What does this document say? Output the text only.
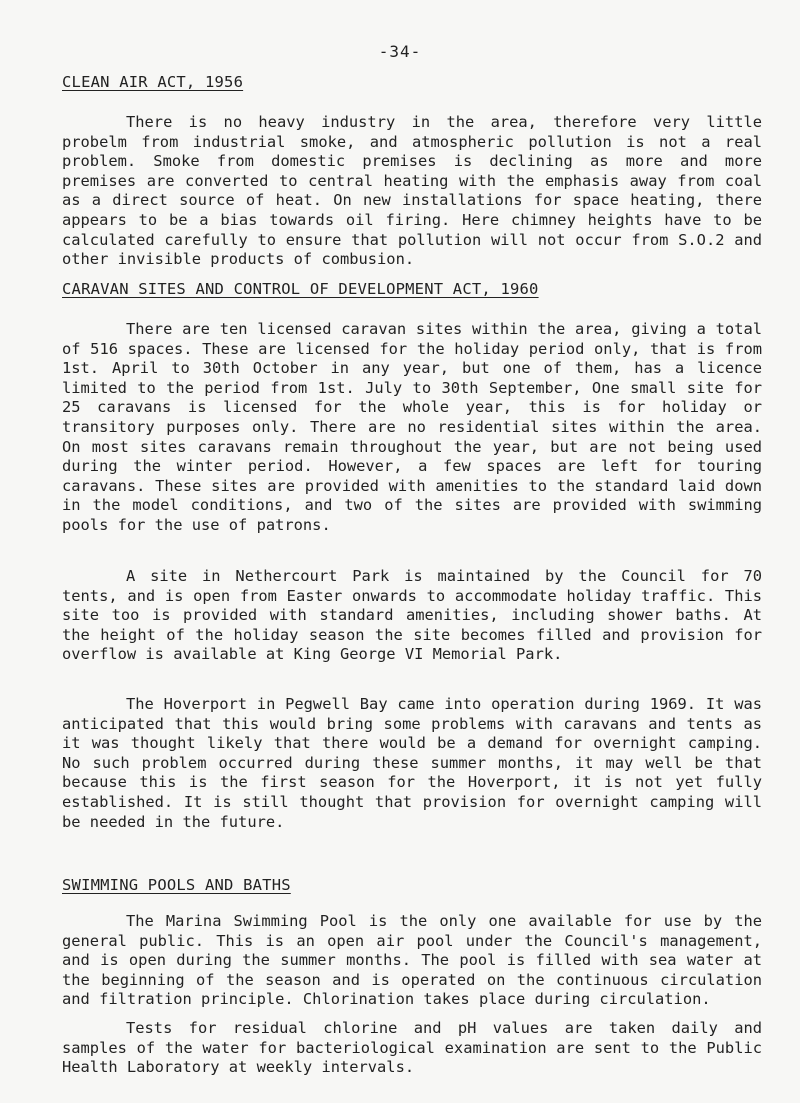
-34-
CLEAN AIR ACT, 1956

There is no heavy industry in the area, therefore very little probelm from industrial smoke, and atmospheric pollution is not a real problem. Smoke from domestic premises is declining as more and more premises are converted to central heating with the emphasis away from coal as a direct source of heat. On new installations for space heating, there appears to be a bias towards oil firing. Here chimney heights have to be calculated carefully to ensure that pollution will not occur from S.O.2 and other invisible products of combusion.

CARAVAN SITES AND CONTROL OF DEVELOPMENT ACT, 1960

There are ten licensed caravan sites within the area, giving a total of 516 spaces. These are licensed for the holiday period only, that is from 1st. April to 30th October in any year, but one of them, has a licence limited to the period from 1st. July to 30th September, One small site for 25 caravans is licensed for the whole year, this is for holiday or transitory purposes only. There are no residential sites within the area. On most sites caravans remain throughout the year, but are not being used during the winter period. However, a few spaces are left for touring caravans. These sites are provided with amenities to the standard laid down in the model conditions, and two of the sites are provided with swimming pools for the use of patrons.

A site in Nethercourt Park is maintained by the Council for 70 tents, and is open from Easter onwards to accommodate holiday traffic. This site too is provided with standard amenities, including shower baths. At the height of the holiday season the site becomes filled and provision for overflow is available at King George VI Memorial Park.

The Hoverport in Pegwell Bay came into operation during 1969. It was anticipated that this would bring some problems with caravans and tents as it was thought likely that there would be a demand for overnight camping. No such problem occurred during these summer months, it may well be that because this is the first season for the Hoverport, it is not yet fully established. It is still thought that provision for overnight camping will be needed in the future.

SWIMMING POOLS AND BATHS

The Marina Swimming Pool is the only one available for use by the general public. This is an open air pool under the Council's management, and is open during the summer months. The pool is filled with sea water at the beginning of the season and is operated on the continuous circulation and filtration principle. Chlorination takes place during circulation.

Tests for residual chlorine and pH values are taken daily and samples of the water for bacteriological examination are sent to the Public Health Laboratory at weekly intervals.
